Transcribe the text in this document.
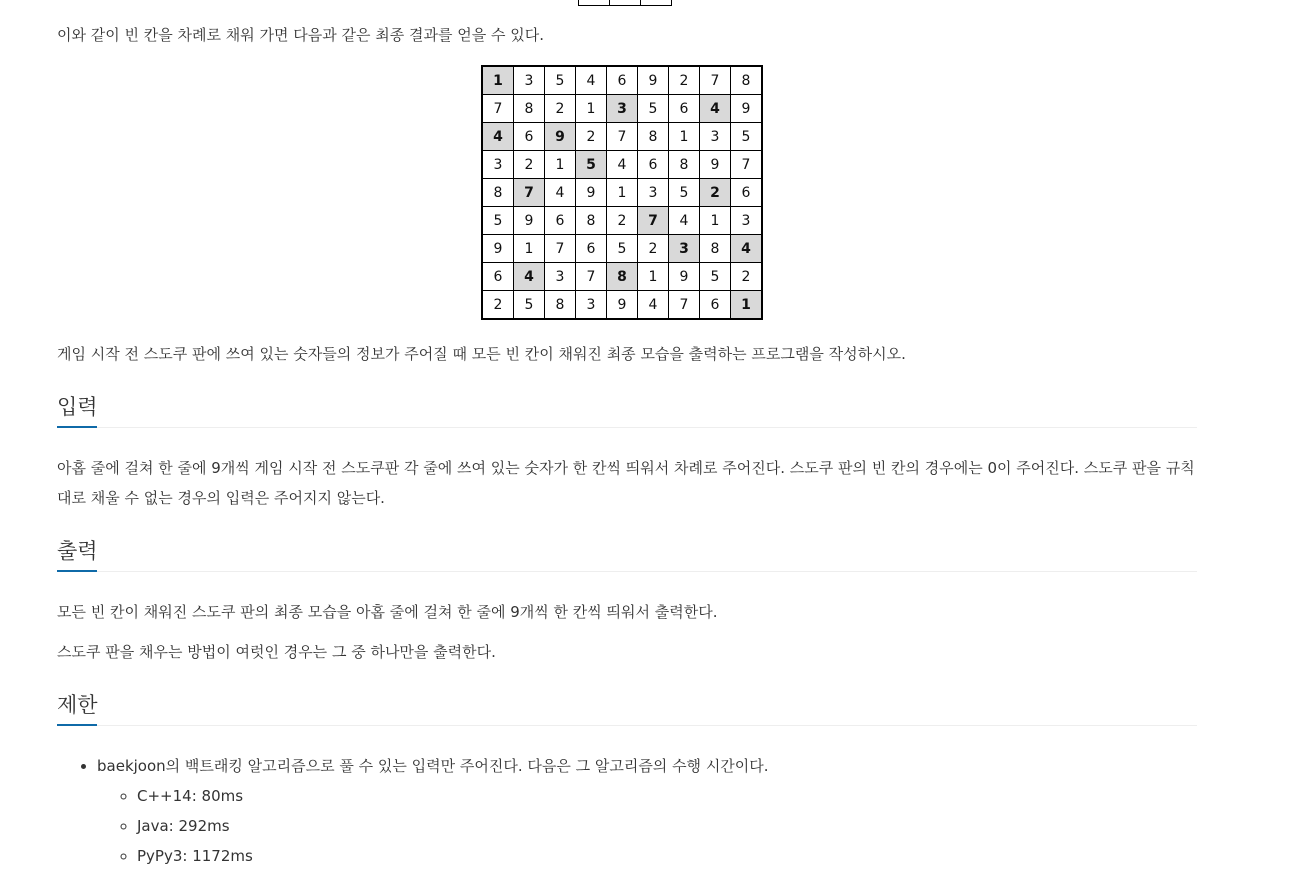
이와 같이 빈 칸을 차례로 채워 가면 다음과 같은 최종 결과를 얻을 수 있다.

게임 시작 전 스도쿠 판에 쓰여 있는 숫자들의 정보가 주어질 때 모든 빈 칸이 채워진 최종 모습을 출력하는 프로그램을 작성하시오.

입력

아홉 줄에 걸쳐 한 줄에 9개씩 게임 시작 전 스도쿠판 각 줄에 쓰여 있는 숫자가 한 칸씩 띄워서 차례로 주어진다. 스도쿠 판의 빈 칸의 경우에는 0이 주어진다. 스도쿠 판을 규칙대로 채울 수 없는 경우의 입력은 주어지지 않는다.

출력

모든 빈 칸이 채워진 스도쿠 판의 최종 모습을 아홉 줄에 걸쳐 한 줄에 9개씩 한 칸씩 띄워서 출력한다.

스도쿠 판을 채우는 방법이 여럿인 경우는 그 중 하나만을 출력한다.

제한
• baekjoon의 백트래킹 알고리즘으로 풀 수 있는 입력만 주어진다. 다음은 그 알고리즘의 수행 시간이다.
◦ C++14: 80ms
◦ Java: 292ms
◦ PyPy3: 1172ms
1	3	5	4	6	9	2	7	8
7	8	2	1	3	5	6	4	9
4	6	9	2	7	8	1	3	5
3	2	1	5	4	6	8	9	7
8	7	4	9	1	3	5	2	6
5	9	6	8	2	7	4	1	3
9	1	7	6	5	2	3	8	4
6	4	3	7	8	1	9	5	2
2	5	8	3	9	4	7	6	1
